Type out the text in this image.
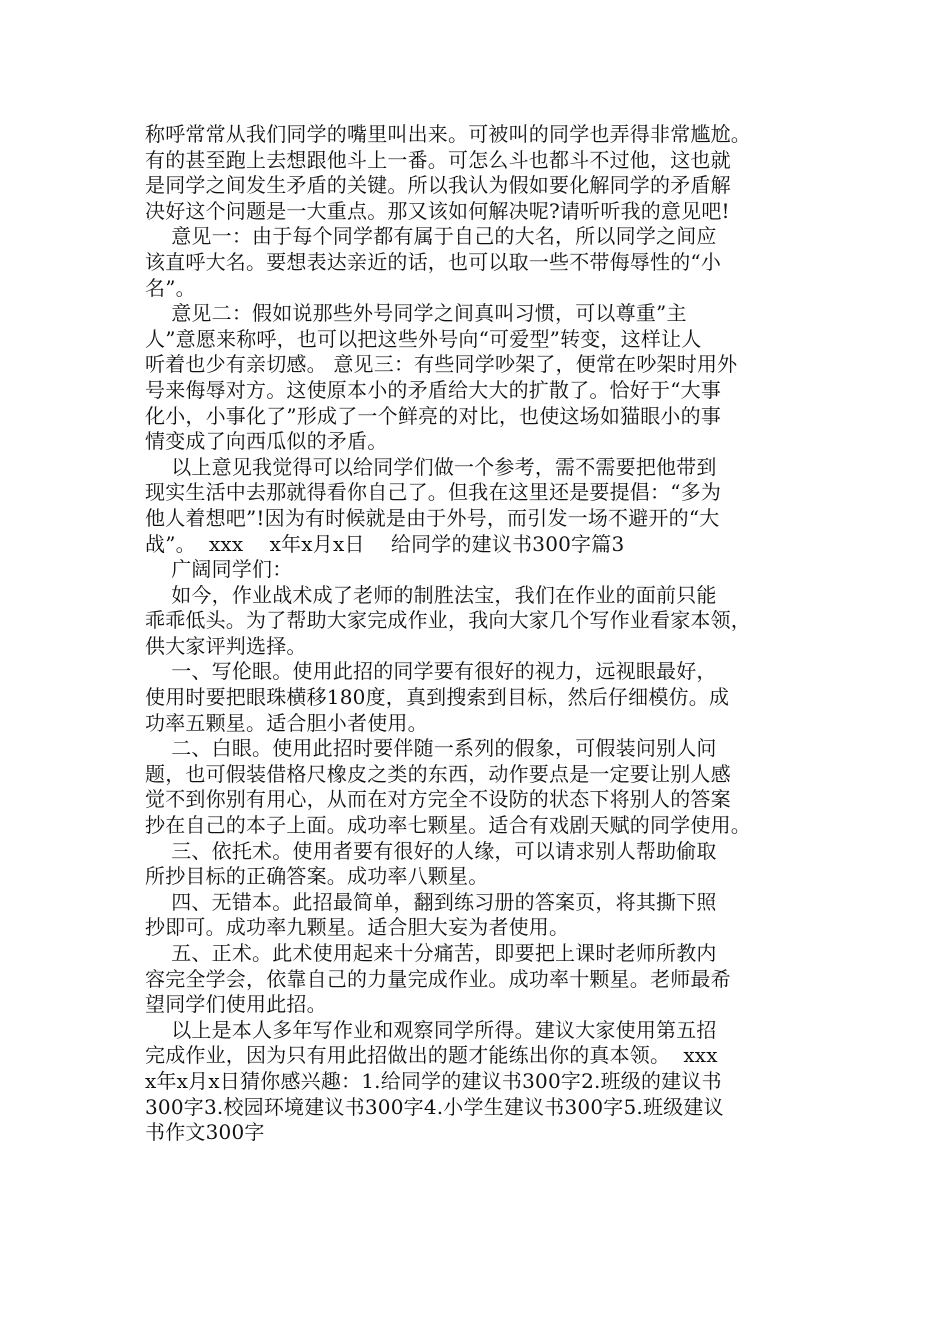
称呼常常从我们同学的嘴里叫出来。可被叫的同学也弄得非常尴尬。
有的甚至跑上去想跟他斗上一番。可怎么斗也都斗不过他，这也就
是同学之间发生矛盾的关键。所以我认为假如要化解同学的矛盾解
决好这个问题是一大重点。那又该如何解决呢?请听听我的意见吧!
意见一：由于每个同学都有属于自己的大名，所以同学之间应
该直呼大名。要想表达亲近的话，也可以取一些不带侮辱性的“小
名”。
意见二：假如说那些外号同学之间真叫习惯，可以尊重”主
人”意愿来称呼，也可以把这些外号向“可爱型”转变，这样让人
听着也少有亲切感。 意见三：有些同学吵架了，便常在吵架时用外
号来侮辱对方。这使原本小的矛盾给大大的扩散了。恰好于“大事
化小，小事化了”形成了一个鲜亮的对比，也使这场如猫眼小的事
情变成了向西瓜似的矛盾。
以上意见我觉得可以给同学们做一个参考，需不需要把他带到
现实生活中去那就得看你自己了。但我在这里还是要提倡：“多为
他人着想吧”!因为有时候就是由于外号，而引发一场不避开的“大
战”。  xxx    x年x月x日    给同学的建议书300字篇3
广阔同学们：
如今，作业战术成了老师的制胜法宝，我们在作业的面前只能
乖乖低头。为了帮助大家完成作业，我向大家几个写作业看家本领，
供大家评判选择。
一、写伦眼。使用此招的同学要有很好的视力，远视眼最好，
使用时要把眼珠横移180度，真到搜索到目标，然后仔细模仿。成
功率五颗星。适合胆小者使用。
二、白眼。使用此招时要伴随一系列的假象，可假装问别人问
题，也可假装借格尺橡皮之类的东西，动作要点是一定要让别人感
觉不到你别有用心，从而在对方完全不设防的状态下将别人的答案
抄在自己的本子上面。成功率七颗星。适合有戏剧天赋的同学使用。
三、依托术。使用者要有很好的人缘，可以请求别人帮助偷取
所抄目标的正确答案。成功率八颗星。
四、无错本。此招最简单，翻到练习册的答案页，将其撕下照
抄即可。成功率九颗星。适合胆大妄为者使用。
五、正术。此术使用起来十分痛苦，即要把上课时老师所教内
容完全学会，依靠自己的力量完成作业。成功率十颗星。老师最希
望同学们使用此招。
以上是本人多年写作业和观察同学所得。建议大家使用第五招
完成作业，因为只有用此招做出的题才能练出你的真本领。  xxx
x年x月x日猜你感兴趣：1.给同学的建议书300字2.班级的建议书
300字3.校园环境建议书300字4.小学生建议书300字5.班级建议
书作文300字
